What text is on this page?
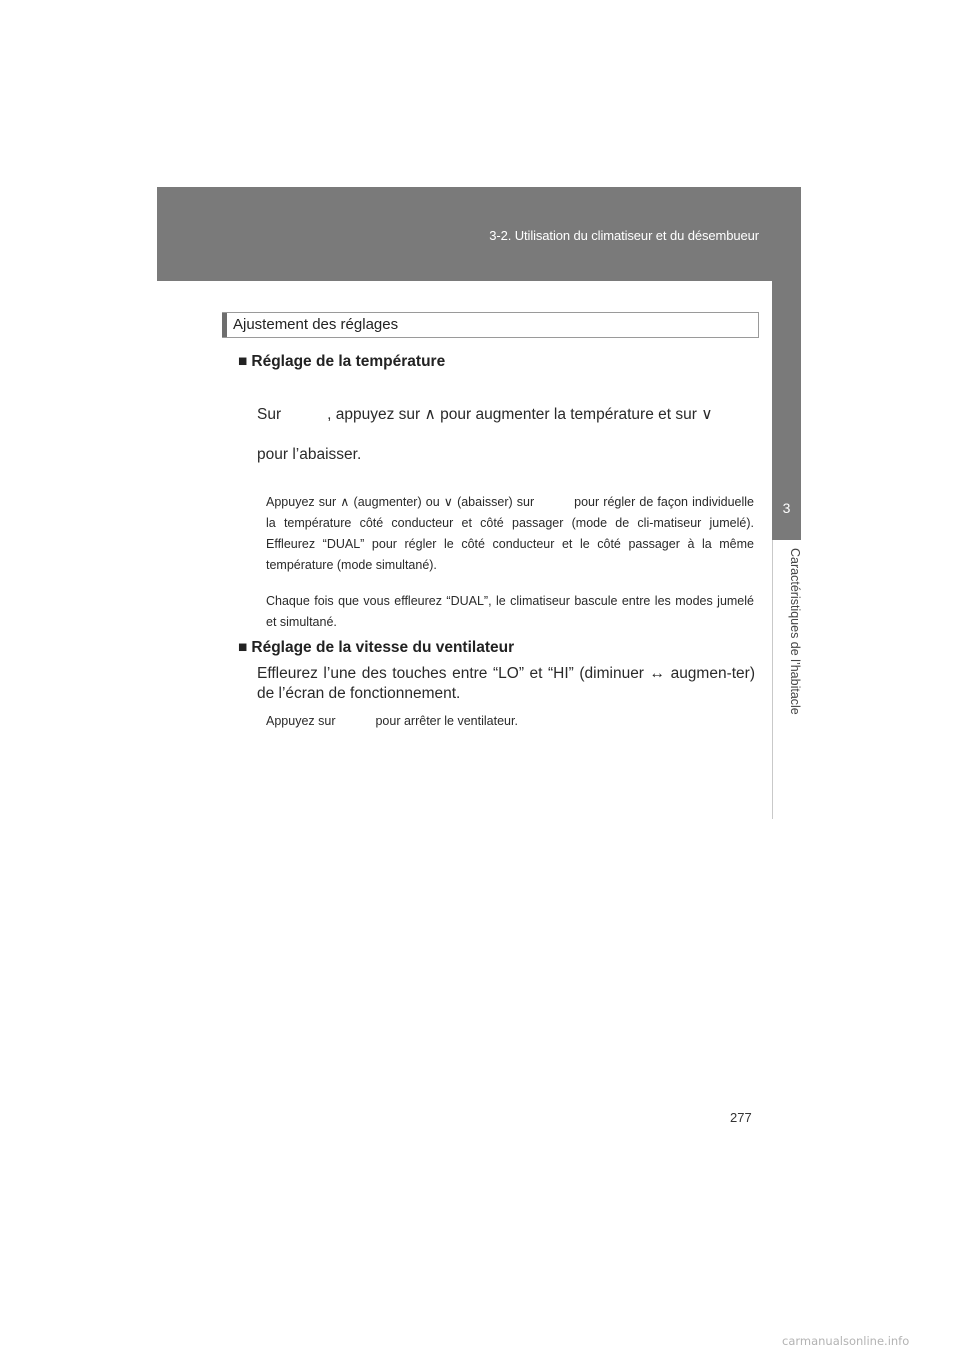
3-2. Utilisation du climatiseur et du désembueur
3
Caractéristiques de l’habitacle
Ajustement des réglages
■ Réglage de la température
Sur	, appuyez sur ∧ pour augmenter la température et sur ∨
pour l’abaisser.
Appuyez sur ∧ (augmenter) ou ∨ (abaisser) sur	pour régler de façon individuelle la température côté conducteur et côté passager (mode de cli-matiseur jumelé). Effleurez “DUAL” pour régler le côté conducteur et le côté passager à la même température (mode simultané).
Chaque fois que vous effleurez “DUAL”, le climatiseur bascule entre les modes jumelé et simultané.
■ Réglage de la vitesse du ventilateur
Effleurez l’une des touches entre “LO” et “HI” (diminuer ↔ augmen-ter) de l’écran de fonctionnement.
Appuyez sur	pour arrêter le ventilateur.
277
carmanualsonline.info
